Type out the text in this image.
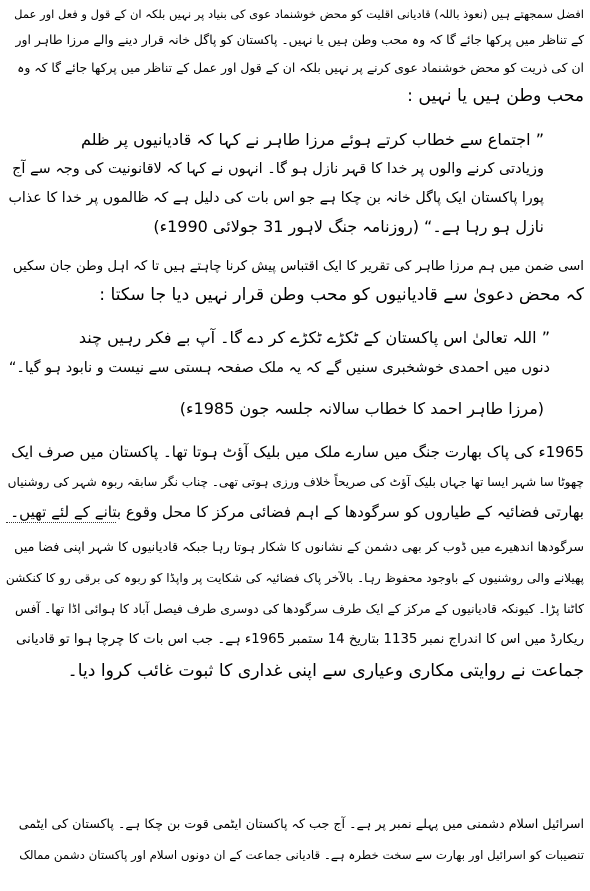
افضل سمجھتے ہیں (نعوذ باللہ) قادیانی اقلیت کو محض خوشنماد عوی کی بنیاد پر نہیں بلکہ ان کے قول و فعل اور عمل
کے تناظر میں پرکھا جائے گا کہ وہ محب وطن ہیں یا نہیں۔ پاکستان کو پاگل خانہ قرار دینے والے مرزا طاہر اور
ان کی ذریت کو محض خوشنماد عوی کرنے پر نہیں بلکہ ان کے قول اور عمل کے تناظر میں پرکھا جائے گا کہ وہ
محب وطن ہیں یا نہیں :
” اجتماع سے خطاب کرتے ہوئے مرزا طاہر نے کہا کہ قادیانیوں پر ظلم
وزیادتی کرنے والوں پر خدا کا قہر نازل ہو گا۔ انہوں نے کہا کہ لاقانونیت کی وجہ سے آج
پورا پاکستان ایک پاگل خانہ بن چکا ہے جو اس بات کی دلیل ہے کہ ظالموں پر خدا کا عذاب
نازل ہو رہا ہے۔“ (روزنامہ جنگ لاہور 31 جولائی 1990ء)
اسی ضمن میں ہم مرزا طاہر کی تقریر کا ایک اقتباس پیش کرنا چاہتے ہیں تا کہ اہل وطن جان سکیں
کہ محض دعویٰ سے قادیانیوں کو محب وطن قرار نہیں دیا جا سکتا :
” اللہ تعالیٰ اس پاکستان کے ٹکڑے ٹکڑے کر دے گا۔ آپ بے فکر رہیں چند
دنوں میں احمدی خوشخبری سنیں گے کہ یہ ملک صفحہ ہستی سے نیست و نابود ہو گیا۔“
(مرزا طاہر احمد کا خطاب سالانہ جلسہ جون 1985ء)
1965ء کی پاک بھارت جنگ میں سارے ملک میں بلیک آؤٹ ہوتا تھا۔ پاکستان میں صرف ایک
چھوٹا سا شہر ایسا تھا جہاں بلیک آؤٹ کی صریحاً خلاف ورزی ہوتی تھی۔ چناب نگر سابقہ ربوہ شہر کی روشنیاں
بھارتی فضائیہ کے طیاروں کو سرگودھا کے اہم فضائی مرکز کا محل وقوع بتانے کے لئے تھیں۔
سرگودھا اندھیرے میں ڈوب کر بھی دشمن کے نشانوں کا شکار ہوتا رہا جبکہ قادیانیوں کا شہر اپنی فضا میں
پھیلانے والی روشنیوں کے باوجود محفوظ رہا۔ بالآخر پاک فضائیہ کی شکایت پر واپڈا کو ربوہ کی برقی رو کا کنکشن
کاٹنا پڑا۔ کیونکہ قادیانیوں کے مرکز کے ایک طرف سرگودھا کی دوسری طرف فیصل آباد کا ہوائی اڈا تھا۔ آفس
ریکارڈ میں اس کا اندراج نمبر 1135 بتاریخ 14 ستمبر 1965ء ہے۔ جب اس بات کا چرچا ہوا تو قادیانی
جماعت نے روایتی مکاری وعیاری سے اپنی غداری کا ثبوت غائب کروا دیا۔
اسرائیل اسلام دشمنی میں پہلے نمبر پر ہے۔ آج جب کہ پاکستان ایٹمی قوت بن چکا ہے۔ پاکستان کی ایٹمی
تنصیبات کو اسرائیل اور بھارت سے سخت خطرہ ہے۔ قادیانی جماعت کے ان دونوں اسلام اور پاکستان دشمن ممالک
